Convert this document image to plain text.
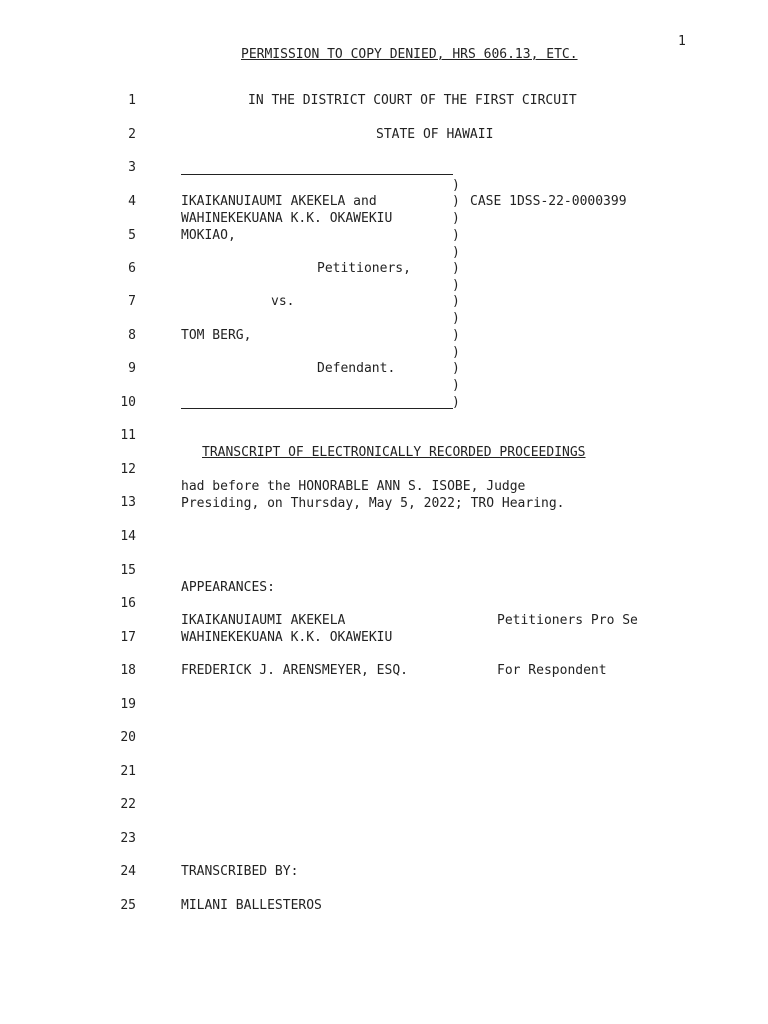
1
PERMISSION TO COPY DENIED, HRS 606.13, ETC.
1
2
3
4
5
6
7
8
9
10
11
12
13
14
15
16
17
18
19
20
21
22
23
24
25
IN THE DISTRICT COURT OF THE FIRST CIRCUIT
STATE OF HAWAII
)
)
)
)
)
)
)
)
)
)
)
)
)
)
IKAIKANUIAUMI AKEKELA and
WAHINEKEKUANA K.K. OKAWEKIU
MOKIAO,
CASE 1DSS-22-0000399
Petitioners,
vs.
TOM BERG,
Defendant.
TRANSCRIPT OF ELECTRONICALLY RECORDED PROCEEDINGS
had before the HONORABLE ANN S. ISOBE, Judge
Presiding, on Thursday, May 5, 2022; TRO Hearing.
APPEARANCES:
IKAIKANUIAUMI AKEKELA	Petitioners Pro Se
WAHINEKEKUANA K.K. OKAWEKIU
FREDERICK J. ARENSMEYER, ESQ.	For Respondent
TRANSCRIBED BY:
MILANI BALLESTEROS
